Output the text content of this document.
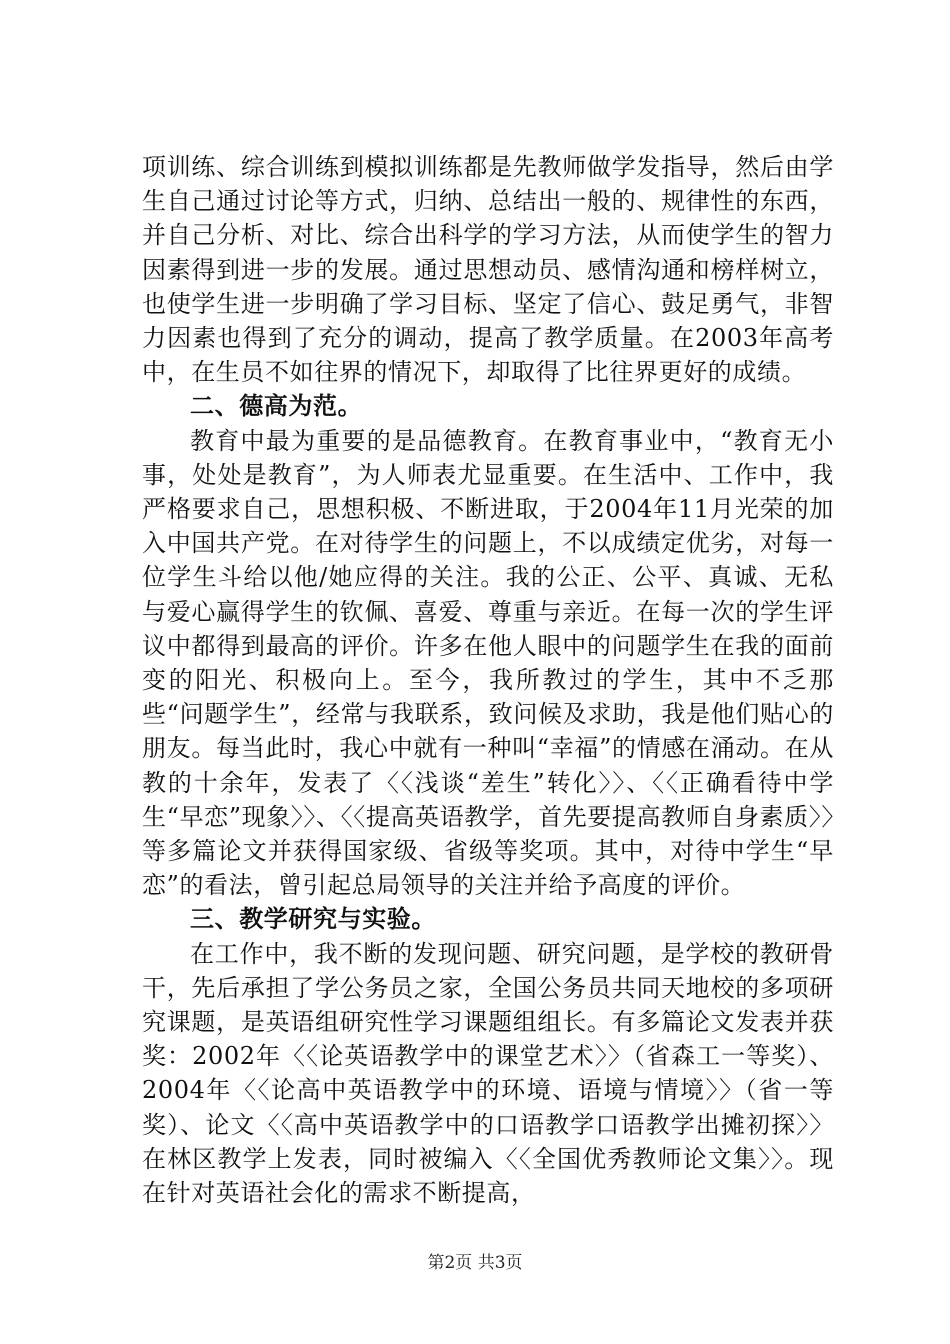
项训练、综合训练到模拟训练都是先教师做学发指导，然后由学生自己通过讨论等方式，归纳、总结出一般的、规律性的东西，并自己分析、对比、综合出科学的学习方法，从而使学生的智力因素得到进一步的发展。通过思想动员、感情沟通和榜样树立，也使学生进一步明确了学习目标、坚定了信心、鼓足勇气，非智力因素也得到了充分的调动，提高了教学质量。在2003年高考中，在生员不如往界的情况下，却取得了比往界更好的成绩。

二、德高为范。

教育中最为重要的是品德教育。在教育事业中，“教育无小事，处处是教育”，为人师表尤显重要。在生活中、工作中，我严格要求自己，思想积极、不断进取，于2004年11月光荣的加入中国共产党。在对待学生的问题上，不以成绩定优劣，对每一位学生斗给以他/她应得的关注。我的公正、公平、真诚、无私与爱心赢得学生的钦佩、喜爱、尊重与亲近。在每一次的学生评议中都得到最高的评价。许多在他人眼中的问题学生在我的面前变的阳光、积极向上。至今，我所教过的学生，其中不乏那些“问题学生”，经常与我联系，致问候及求助，我是他们贴心的朋友。每当此时，我心中就有一种叫“幸福”的情感在涌动。在从教的十余年，发表了〈〈浅谈“差生”转化〉〉、〈〈正确看待中学生“早恋”现象〉〉、〈〈提高英语教学，首先要提高教师自身素质〉〉等多篇论文并获得国家级、省级等奖项。其中，对待中学生“早恋”的看法，曾引起总局领导的关注并给予高度的评价。

三、教学研究与实验。

在工作中，我不断的发现问题、研究问题，是学校的教研骨干，先后承担了学公务员之家，全国公务员共同天地校的多项研究课题，是英语组研究性学习课题组组长。有多篇论文发表并获奖：2002年〈〈论英语教学中的课堂艺术〉〉（省森工一等奖）、2004年〈〈论高中英语教学中的环境、语境与情境〉〉（省一等奖）、论文〈〈高中英语教学中的口语教学口语教学出摊初探〉〉在林区教学上发表，同时被编入〈〈全国优秀教师论文集〉〉。现在针对英语社会化的需求不断提高，

第2页 共3页
